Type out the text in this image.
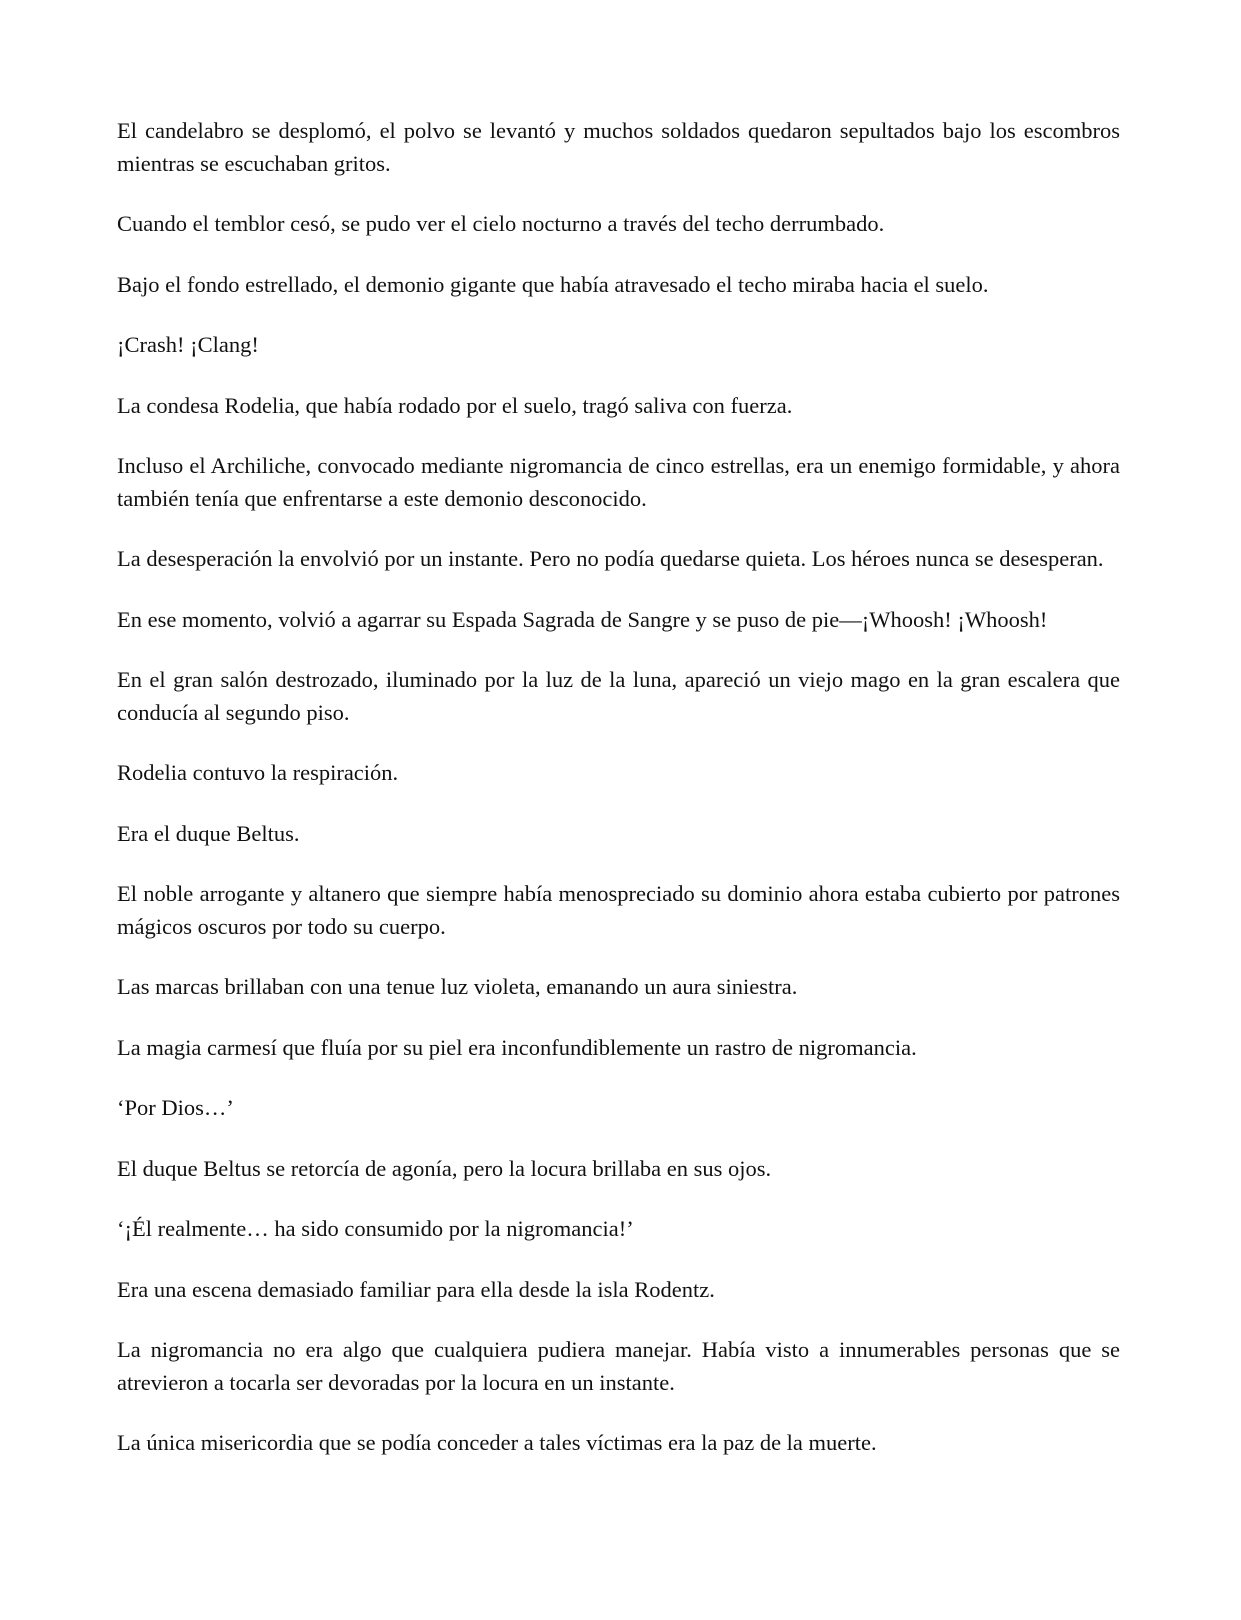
El candelabro se desplomó, el polvo se levantó y muchos soldados quedaron sepultados bajo los escombros mientras se escuchaban gritos.

Cuando el temblor cesó, se pudo ver el cielo nocturno a través del techo derrumbado.

Bajo el fondo estrellado, el demonio gigante que había atravesado el techo miraba hacia el suelo.

¡Crash! ¡Clang!

La condesa Rodelia, que había rodado por el suelo, tragó saliva con fuerza.

Incluso el Archiliche, convocado mediante nigromancia de cinco estrellas, era un enemigo formidable, y ahora también tenía que enfrentarse a este demonio desconocido.

La desesperación la envolvió por un instante. Pero no podía quedarse quieta. Los héroes nunca se desesperan.

En ese momento, volvió a agarrar su Espada Sagrada de Sangre y se puso de pie—¡Whoosh! ¡Whoosh!

En el gran salón destrozado, iluminado por la luz de la luna, apareció un viejo mago en la gran escalera que conducía al segundo piso.

Rodelia contuvo la respiración.

Era el duque Beltus.

El noble arrogante y altanero que siempre había menospreciado su dominio ahora estaba cubierto por patrones mágicos oscuros por todo su cuerpo.

Las marcas brillaban con una tenue luz violeta, emanando un aura siniestra.

La magia carmesí que fluía por su piel era inconfundiblemente un rastro de nigromancia.

‘Por Dios…’

El duque Beltus se retorcía de agonía, pero la locura brillaba en sus ojos.

‘¡Él realmente… ha sido consumido por la nigromancia!’

Era una escena demasiado familiar para ella desde la isla Rodentz.

La nigromancia no era algo que cualquiera pudiera manejar. Había visto a innumerables personas que se atrevieron a tocarla ser devoradas por la locura en un instante.

La única misericordia que se podía conceder a tales víctimas era la paz de la muerte.
